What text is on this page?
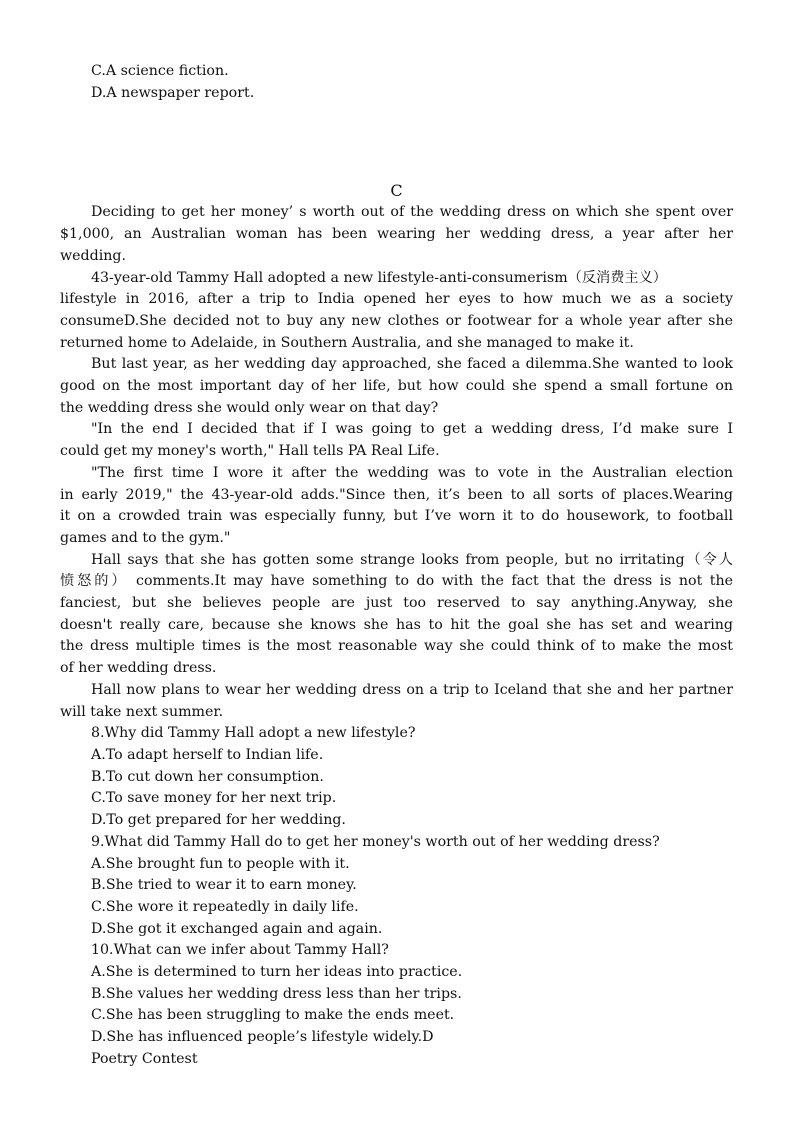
C.A science fiction.
D.A newspaper report.
C
Deciding to get her money’ s worth out of the wedding dress on which she spent over
$1,000, an Australian woman has been wearing her wedding dress, a year after her wedding.
43-year-old Tammy Hall adopted a new lifestyle-anti-consumerism（反消费主义）
lifestyle in 2016, after a trip to India opened her eyes to how much we as a society
consumeD.She decided not to buy any new clothes or footwear for a whole year after she
returned home to Adelaide, in Southern Australia, and she managed to make it.
But last year, as her wedding day approached, she faced a dilemma.She wanted to look
good on the most important day of her life, but how could she spend a small fortune on
the wedding dress she would only wear on that day?
"In the end I decided that if I was going to get a wedding dress, I’d make sure I
could get my money's worth," Hall tells PA Real Life.
"The first time I wore it after the wedding was to vote in the Australian election
in early 2019," the 43-year-old adds."Since then, it’s been to all sorts of places.Wearing
it on a crowded train was especially funny, but I’ve worn it to do housework, to football
games and to the gym."
Hall says that she has gotten some strange looks from people, but no irritating（令人
愤怒的） comments.It may have something to do with the fact that the dress is not the
fanciest, but she believes people are just too reserved to say anything.Anyway, she
doesn't really care, because she knows she has to hit the goal she has set and wearing
the dress multiple times is the most reasonable way she could think of to make the most
of her wedding dress.
Hall now plans to wear her wedding dress on a trip to Iceland that she and her partner
will take next summer.
8.Why did Tammy Hall adopt a new lifestyle?
A.To adapt herself to Indian life.
B.To cut down her consumption.
C.To save money for her next trip.
D.To get prepared for her wedding.
9.What did Tammy Hall do to get her money's worth out of her wedding dress?
A.She brought fun to people with it.
B.She tried to wear it to earn money.
C.She wore it repeatedly in daily life.
D.She got it exchanged again and again.
10.What can we infer about Tammy Hall?
A.She is determined to turn her ideas into practice.
B.She values her wedding dress less than her trips.
C.She has been struggling to make the ends meet.
D.She has influenced people’s lifestyle widely.D
Poetry Contest
